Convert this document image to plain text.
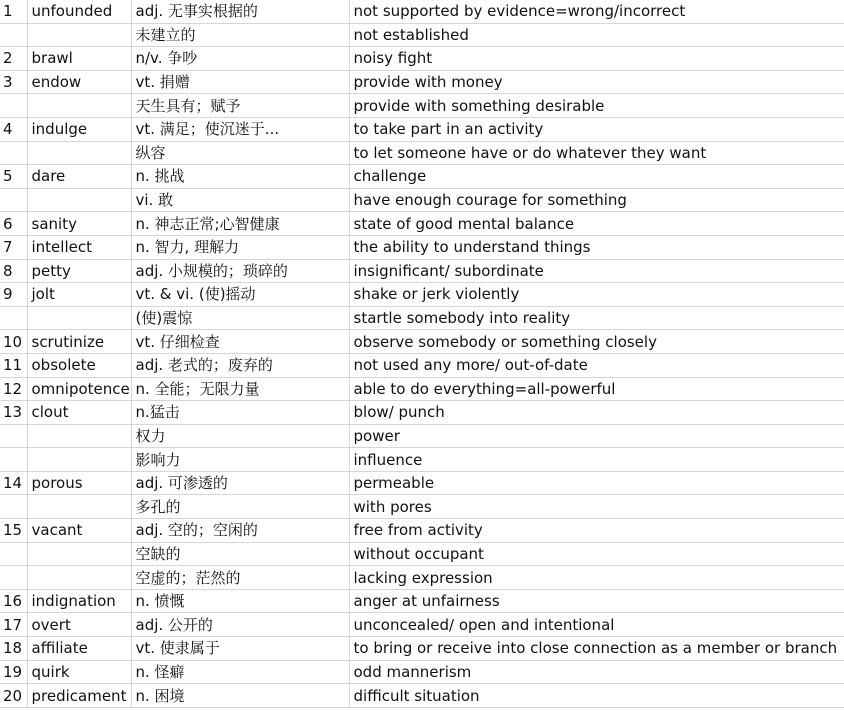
1	unfounded	adj. 无事实根据的	not supported by evidence=wrong/incorrect
		未建立的	not established
2	brawl	n/v. 争吵	noisy fight
3	endow	vt. 捐赠	provide with money
		天生具有；赋予	provide with something desirable
4	indulge	vt. 满足；使沉迷于...	to take part in an activity
		纵容	to let someone have or do whatever they want
5	dare	n. 挑战	challenge
		vi. 敢	have enough courage for something
6	sanity	n. 神志正常;心智健康	state of good mental balance
7	intellect	n. 智力, 理解力	the ability to understand things
8	petty	adj. 小规模的；琐碎的	insignificant/ subordinate
9	jolt	vt. & vi. (使)摇动	shake or jerk violently
		(使)震惊	startle somebody into reality
10	scrutinize	vt. 仔细检查	observe somebody or something closely
11	obsolete	adj. 老式的；废弃的	not used any more/ out-of-date
12	omnipotence	n. 全能；无限力量	able to do everything=all-powerful
13	clout	n.猛击	blow/ punch
		权力	power
		影响力	influence
14	porous	adj. 可渗透的	permeable
		多孔的	with pores
15	vacant	adj. 空的；空闲的	free from activity
		空缺的	without occupant
		空虚的；茫然的	lacking expression
16	indignation	n. 愤慨	anger at unfairness
17	overt	adj. 公开的	unconcealed/ open and intentional
18	affiliate	vt. 使隶属于	to bring or receive into close connection as a member or branch
19	quirk	n. 怪癖	odd mannerism
20	predicament	n. 困境	difficult situation
